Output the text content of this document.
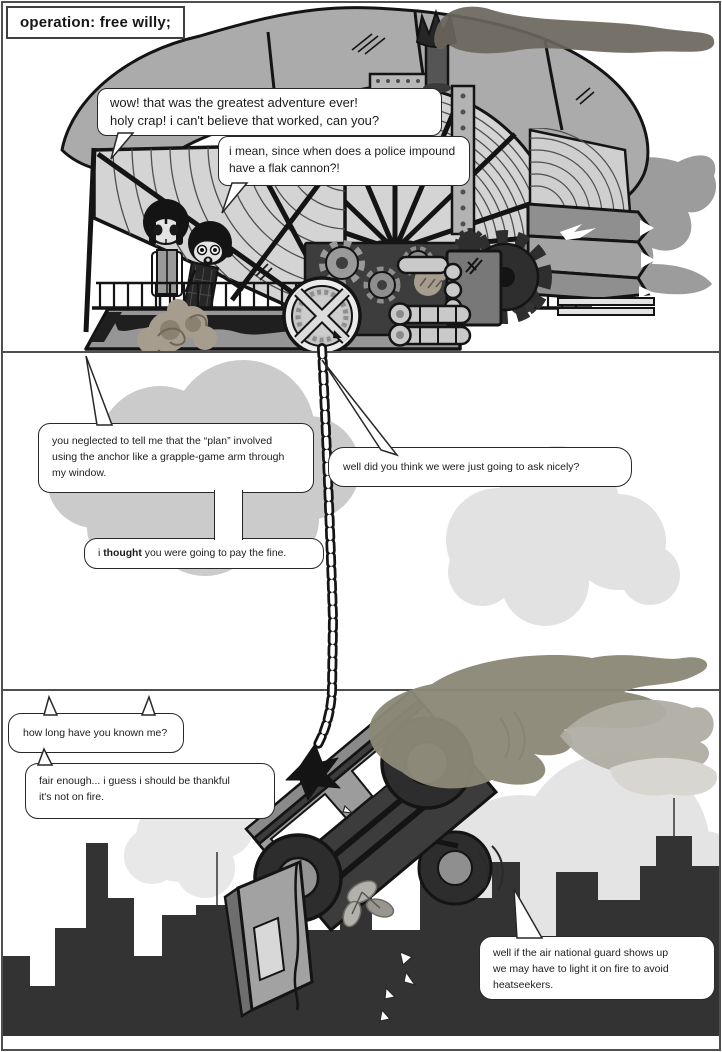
operation: free willy;
wow! that was the greatest adventure ever!
holy crap! i can't believe that worked, can you?
i mean, since when does a police impound
have a flak cannon?!
you neglected to tell me that the “plan” involved
using the anchor like a grapple-game arm through
my window.	well did you think we were just going to ask nicely?
i thought you were going to pay the fine.
how long have you known me?
fair enough... i guess i should be thankful
it's not on fire.
well if the air national guard shows up
we may have to light it on fire to avoid
heatseekers.
